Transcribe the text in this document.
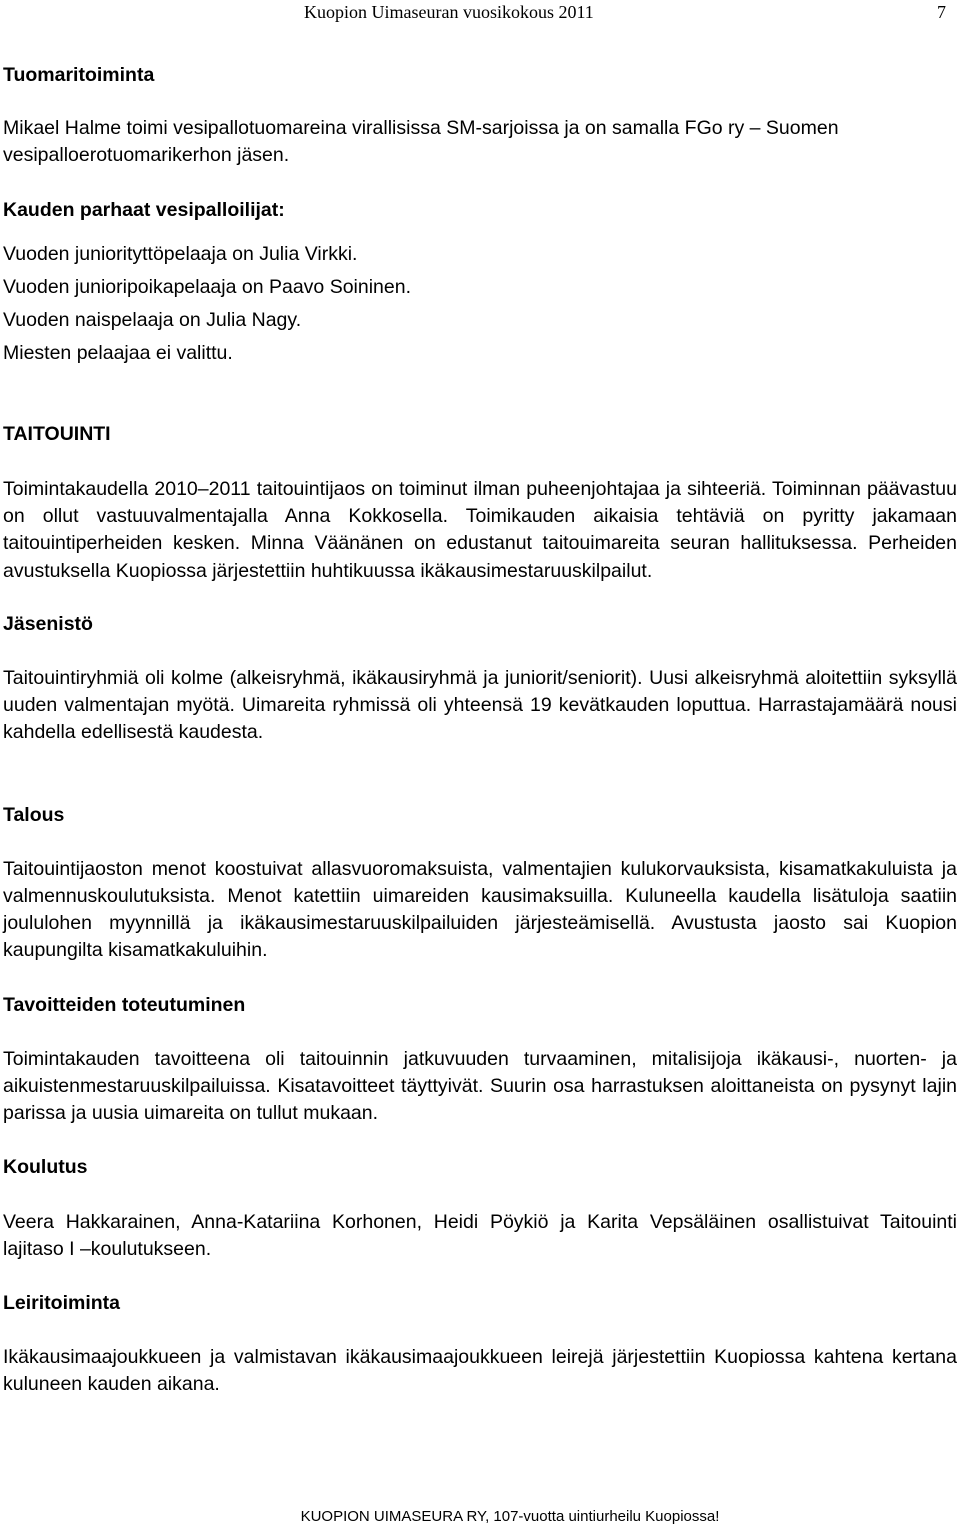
Kuopion Uimaseuran vuosikokous 2011	7

Tuomaritoiminta

Mikael Halme toimi vesipallotuomareina virallisissa SM-sarjoissa ja on samalla FGo ry – Suomen vesipalloerotuomarikerhon jäsen.

Kauden parhaat vesipalloilijat:

Vuoden juniorityttöpelaaja on Julia Virkki.

Vuoden junioripoikapelaaja on Paavo Soininen.

Vuoden naispelaaja on Julia Nagy.

Miesten pelaajaa ei valittu.

TAITOUINTI

Toimintakaudella 2010–2011 taitouintijaos on toiminut ilman puheenjohtajaa ja sihteeriä. Toiminnan päävastuu on ollut vastuuvalmentajalla Anna Kokkosella. Toimikauden aikaisia tehtäviä on pyritty jakamaan taitouintiperheiden kesken. Minna Väänänen on edustanut taitouimareita seuran hallituksessa. Perheiden avustuksella Kuopiossa järjestettiin huhtikuussa ikäkausimestaruuskilpailut.

Jäsenistö

Taitouintiryhmiä oli kolme (alkeisryhmä, ikäkausiryhmä ja juniorit/seniorit). Uusi alkeisryhmä aloitettiin syksyllä uuden valmentajan myötä. Uimareita ryhmissä oli yhteensä 19 kevätkauden loputtua. Harrastajamäärä nousi kahdella edellisestä kaudesta.

Talous

Taitouintijaoston menot koostuivat allasvuoromaksuista, valmentajien kulukorvauksista, kisamatkakuluista ja valmennuskoulutuksista. Menot katettiin uimareiden kausimaksuilla. Kuluneella kaudella lisätuloja saatiin joululohen myynnillä ja ikäkausimestaruuskilpailuiden järjesteämisellä. Avustusta jaosto sai Kuopion kaupungilta kisamatkakuluihin.

Tavoitteiden toteutuminen

Toimintakauden tavoitteena oli taitouinnin jatkuvuuden turvaaminen, mitalisijoja ikäkausi-, nuorten- ja aikuistenmestaruuskilpailuissa. Kisatavoitteet täyttyivät. Suurin osa harrastuksen aloittaneista on pysynyt lajin parissa ja uusia uimareita on tullut mukaan.

Koulutus

Veera Hakkarainen, Anna-Katariina Korhonen, Heidi Pöykiö ja Karita Vepsäläinen osallistuivat Taitouinti lajitaso I –koulutukseen.

Leiritoiminta

Ikäkausimaajoukkueen ja valmistavan ikäkausimaajoukkueen leirejä järjestettiin Kuopiossa kahtena kertana kuluneen kauden aikana.

KUOPION UIMASEURA RY, 107-vuotta uintiurheilu Kuopiossa!
